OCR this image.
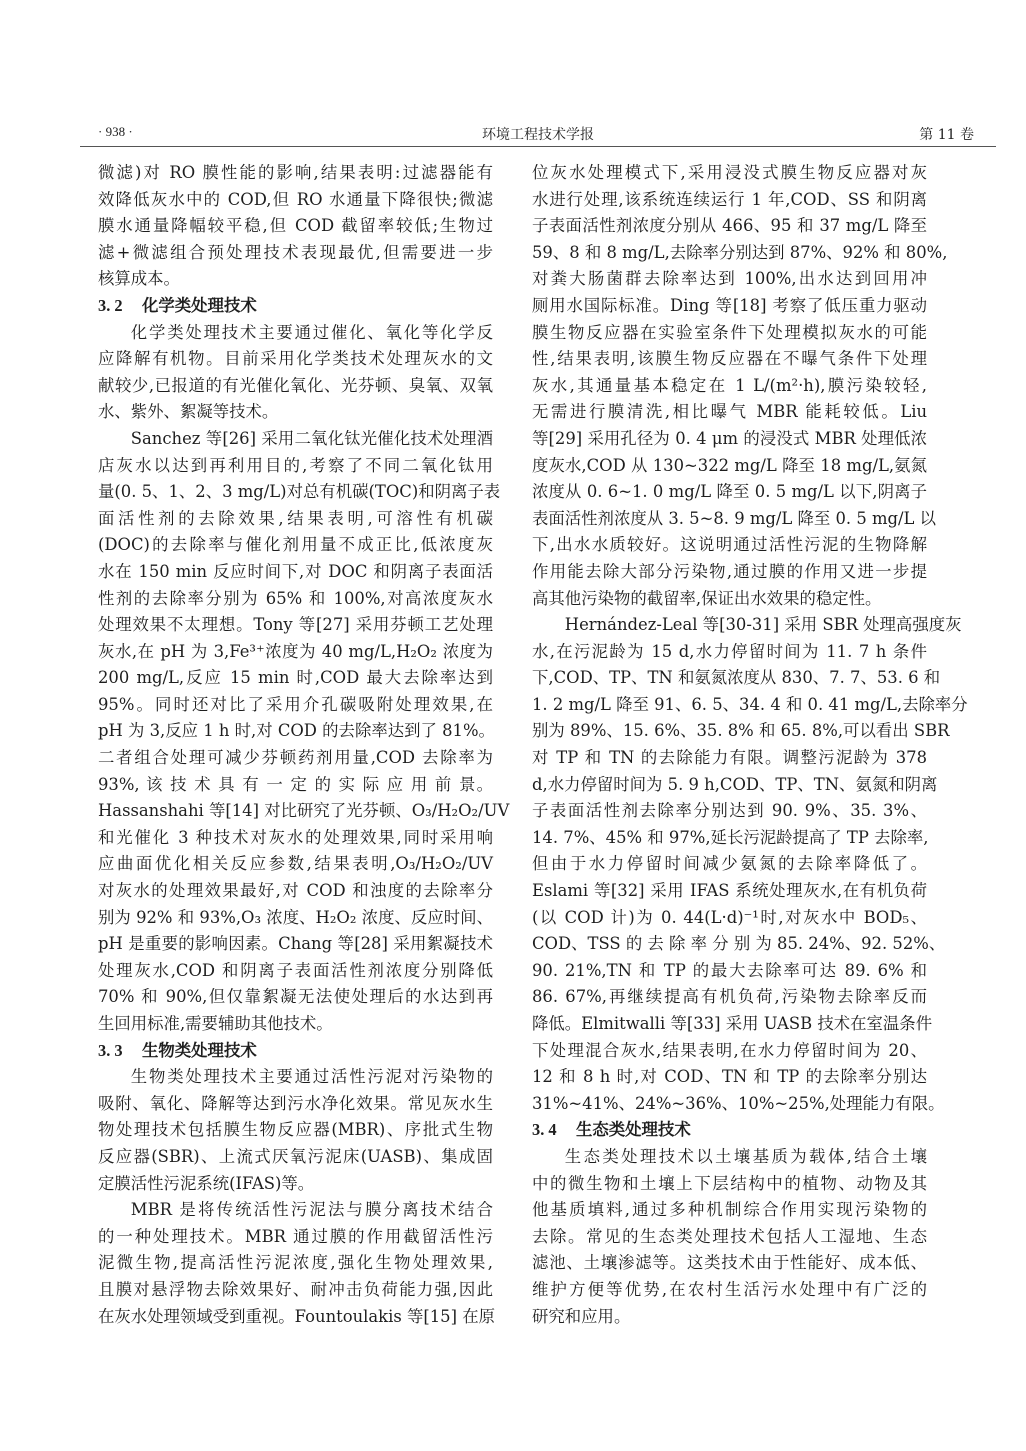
· 938 ·	环境工程技术学报	第 11 卷

微滤)对 RO 膜性能的影响,结果表明:过滤器能有

效降低灰水中的 COD,但 RO 水通量下降很快;微滤

膜水通量降幅较平稳,但 COD 截留率较低;生物过

滤+微滤组合预处理技术表现最优,但需要进一步

核算成本。

3. 2 化学类处理技术

化学类处理技术主要通过催化、氧化等化学反

应降解有机物。目前采用化学类技术处理灰水的文

献较少,已报道的有光催化氧化、光芬顿、臭氧、双氧

水、紫外、絮凝等技术。

Sanchez 等[26] 采用二氧化钛光催化技术处理酒

店灰水以达到再利用目的,考察了不同二氧化钛用

量(0. 5、1、2、3 mg/L)对总有机碳(TOC)和阴离子表

面活性剂的去除效果,结果表明,可溶性有机碳

(DOC)的去除率与催化剂用量不成正比,低浓度灰

水在 150 min 反应时间下,对 DOC 和阴离子表面活

性剂的去除率分别为 65% 和 100%,对高浓度灰水

处理效果不太理想。Tony 等[27] 采用芬顿工艺处理

灰水,在 pH 为 3,Fe³⁺浓度为 40 mg/L,H₂O₂ 浓度为

200 mg/L,反应 15 min 时,COD 最大去除率达到

95%。同时还对比了采用介孔碳吸附处理效果,在

pH 为 3,反应 1 h 时,对 COD 的去除率达到了 81%。

二者组合处理可减少芬顿药剂用量,COD 去除率为

93%, 该 技 术 具 有 一 定 的 实 际 应 用 前 景。

Hassanshahi 等[14] 对比研究了光芬顿、O₃/H₂O₂/UV

和光催化 3 种技术对灰水的处理效果,同时采用响

应曲面优化相关反应参数,结果表明,O₃/H₂O₂/UV

对灰水的处理效果最好,对 COD 和浊度的去除率分

别为 92% 和 93%,O₃ 浓度、H₂O₂ 浓度、反应时间、

pH 是重要的影响因素。Chang 等[28] 采用絮凝技术

处理灰水,COD 和阴离子表面活性剂浓度分别降低

70% 和 90%,但仅靠絮凝无法使处理后的水达到再

生回用标准,需要辅助其他技术。

3. 3 生物类处理技术

生物类处理技术主要通过活性污泥对污染物的

吸附、氧化、降解等达到污水净化效果。常见灰水生

物处理技术包括膜生物反应器(MBR)、序批式生物

反应器(SBR)、上流式厌氧污泥床(UASB)、集成固

定膜活性污泥系统(IFAS)等。

MBR 是将传统活性污泥法与膜分离技术结合

的一种处理技术。MBR 通过膜的作用截留活性污

泥微生物,提高活性污泥浓度,强化生物处理效果,

且膜对悬浮物去除效果好、耐冲击负荷能力强,因此

在灰水处理领域受到重视。Fountoulakis 等[15] 在原

位灰水处理模式下,采用浸没式膜生物反应器对灰

水进行处理,该系统连续运行 1 年,COD、SS 和阴离

子表面活性剂浓度分别从 466、95 和 37 mg/L 降至

59、8 和 8 mg/L,去除率分别达到 87%、92% 和 80%,

对粪大肠菌群去除率达到 100%,出水达到回用冲

厕用水国际标准。Ding 等[18] 考察了低压重力驱动

膜生物反应器在实验室条件下处理模拟灰水的可能

性,结果表明,该膜生物反应器在不曝气条件下处理

灰水,其通量基本稳定在 1 L/(m²·h),膜污染较轻,

无需进行膜清洗,相比曝气 MBR 能耗较低。Liu

等[29] 采用孔径为 0. 4 μm 的浸没式 MBR 处理低浓

度灰水,COD 从 130~322 mg/L 降至 18 mg/L,氨氮

浓度从 0. 6~1. 0 mg/L 降至 0. 5 mg/L 以下,阴离子

表面活性剂浓度从 3. 5~8. 9 mg/L 降至 0. 5 mg/L 以

下,出水水质较好。这说明通过活性污泥的生物降解

作用能去除大部分污染物,通过膜的作用又进一步提

高其他污染物的截留率,保证出水效果的稳定性。

Hernández-Leal 等[30-31] 采用 SBR 处理高强度灰

水,在污泥龄为 15 d,水力停留时间为 11. 7 h 条件

下,COD、TP、TN 和氨氮浓度从 830、7. 7、53. 6 和

1. 2 mg/L 降至 91、6. 5、34. 4 和 0. 41 mg/L,去除率分

别为 89%、15. 6%、35. 8% 和 65. 8%,可以看出 SBR

对 TP 和 TN 的去除能力有限。调整污泥龄为 378

d,水力停留时间为 5. 9 h,COD、TP、TN、氨氮和阴离

子表面活性剂去除率分别达到 90. 9%、35. 3%、

14. 7%、45% 和 97%,延长污泥龄提高了 TP 去除率,

但由于水力停留时间减少氨氮的去除率降低了。

Eslami 等[32] 采用 IFAS 系统处理灰水,在有机负荷

(以 COD 计)为 0. 44(L·d)⁻¹时,对灰水中 BOD₅、

COD、TSS 的 去 除 率 分 别 为 85. 24%、92. 52%、

90. 21%,TN 和 TP 的最大去除率可达 89. 6% 和

86. 67%,再继续提高有机负荷,污染物去除率反而

降低。Elmitwalli 等[33] 采用 UASB 技术在室温条件

下处理混合灰水,结果表明,在水力停留时间为 20、

12 和 8 h 时,对 COD、TN 和 TP 的去除率分别达

31%~41%、24%~36%、10%~25%,处理能力有限。

3. 4 生态类处理技术

生态类处理技术以土壤基质为载体,结合土壤

中的微生物和土壤上下层结构中的植物、动物及其

他基质填料,通过多种机制综合作用实现污染物的

去除。常见的生态类处理技术包括人工湿地、生态

滤池、土壤渗滤等。这类技术由于性能好、成本低、

维护方便等优势,在农村生活污水处理中有广泛的

研究和应用。
